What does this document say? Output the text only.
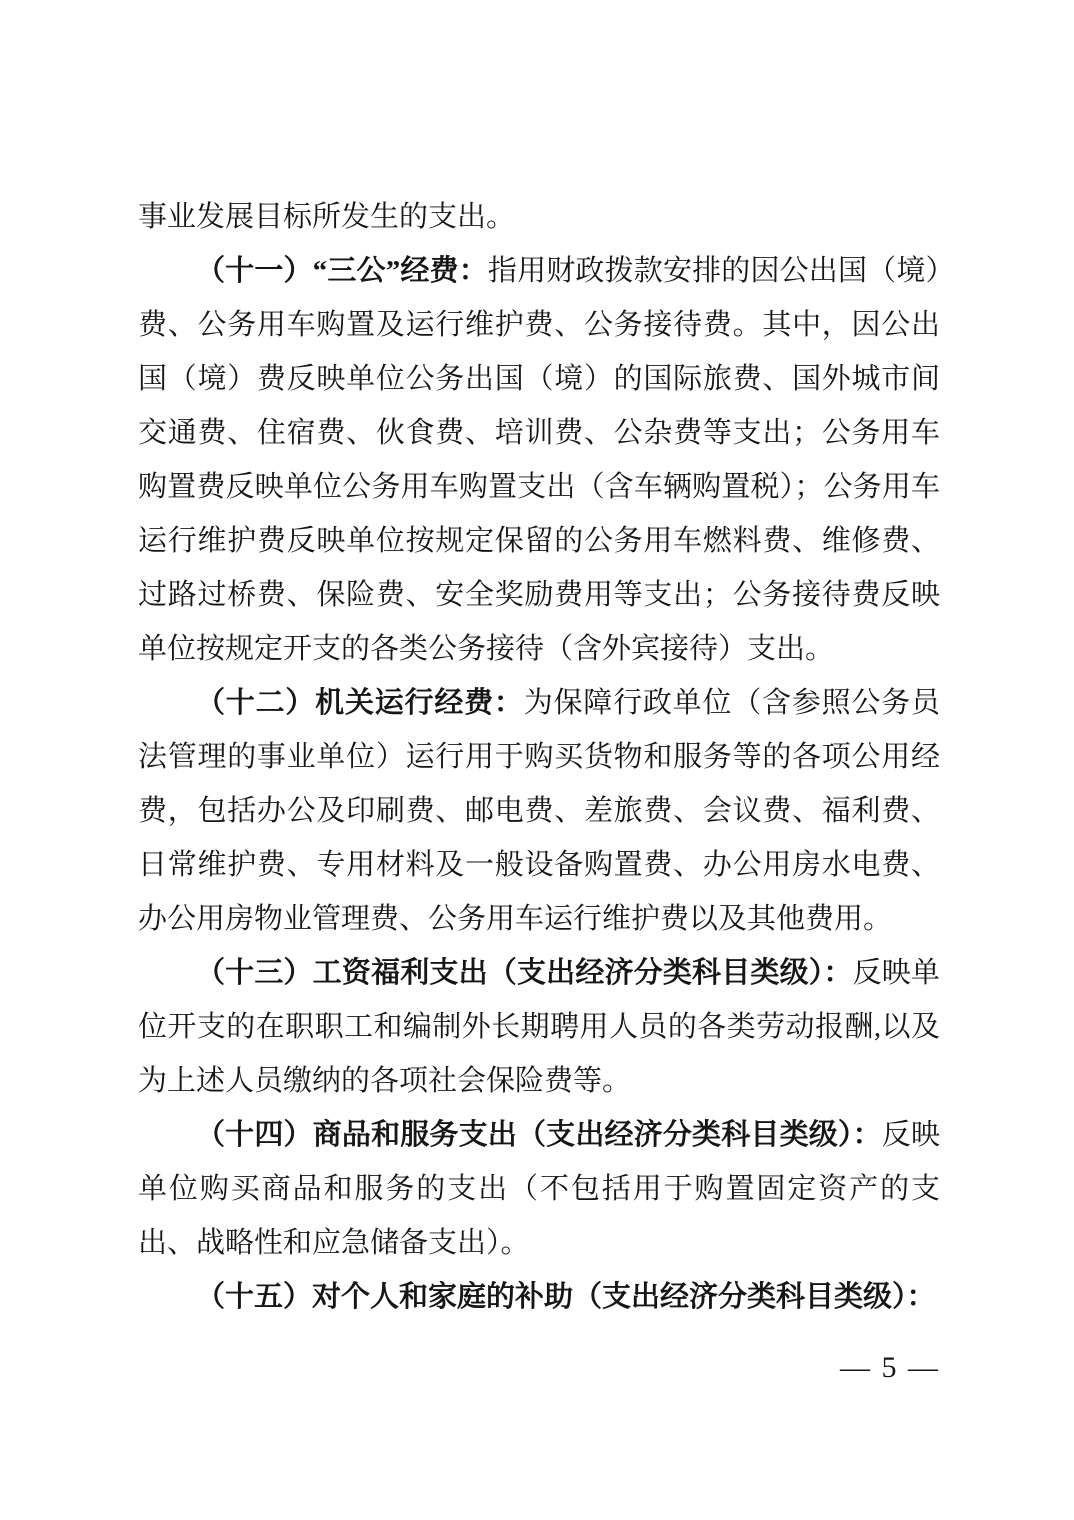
事业发展目标所发生的支出。

（十一）“三公”经费：指用财政拨款安排的因公出国（境）费、公务用车购置及运行维护费、公务接待费。其中，因公出国（境）费反映单位公务出国（境）的国际旅费、国外城市间交通费、住宿费、伙食费、培训费、公杂费等支出；公务用车购置费反映单位公务用车购置支出（含车辆购置税）；公务用车运行维护费反映单位按规定保留的公务用车燃料费、维修费、过路过桥费、保险费、安全奖励费用等支出；公务接待费反映单位按规定开支的各类公务接待（含外宾接待）支出。

（十二）机关运行经费：为保障行政单位（含参照公务员法管理的事业单位）运行用于购买货物和服务等的各项公用经费，包括办公及印刷费、邮电费、差旅费、会议费、福利费、日常维护费、专用材料及一般设备购置费、办公用房水电费、办公用房物业管理费、公务用车运行维护费以及其他费用。

（十三）工资福利支出（支出经济分类科目类级）：反映单位开支的在职职工和编制外长期聘用人员的各类劳动报酬,以及为上述人员缴纳的各项社会保险费等。

（十四）商品和服务支出（支出经济分类科目类级）：反映单位购买商品和服务的支出（不包括用于购置固定资产的支出、战略性和应急储备支出）。

（十五）对个人和家庭的补助（支出经济分类科目类级）：

— 5 —
